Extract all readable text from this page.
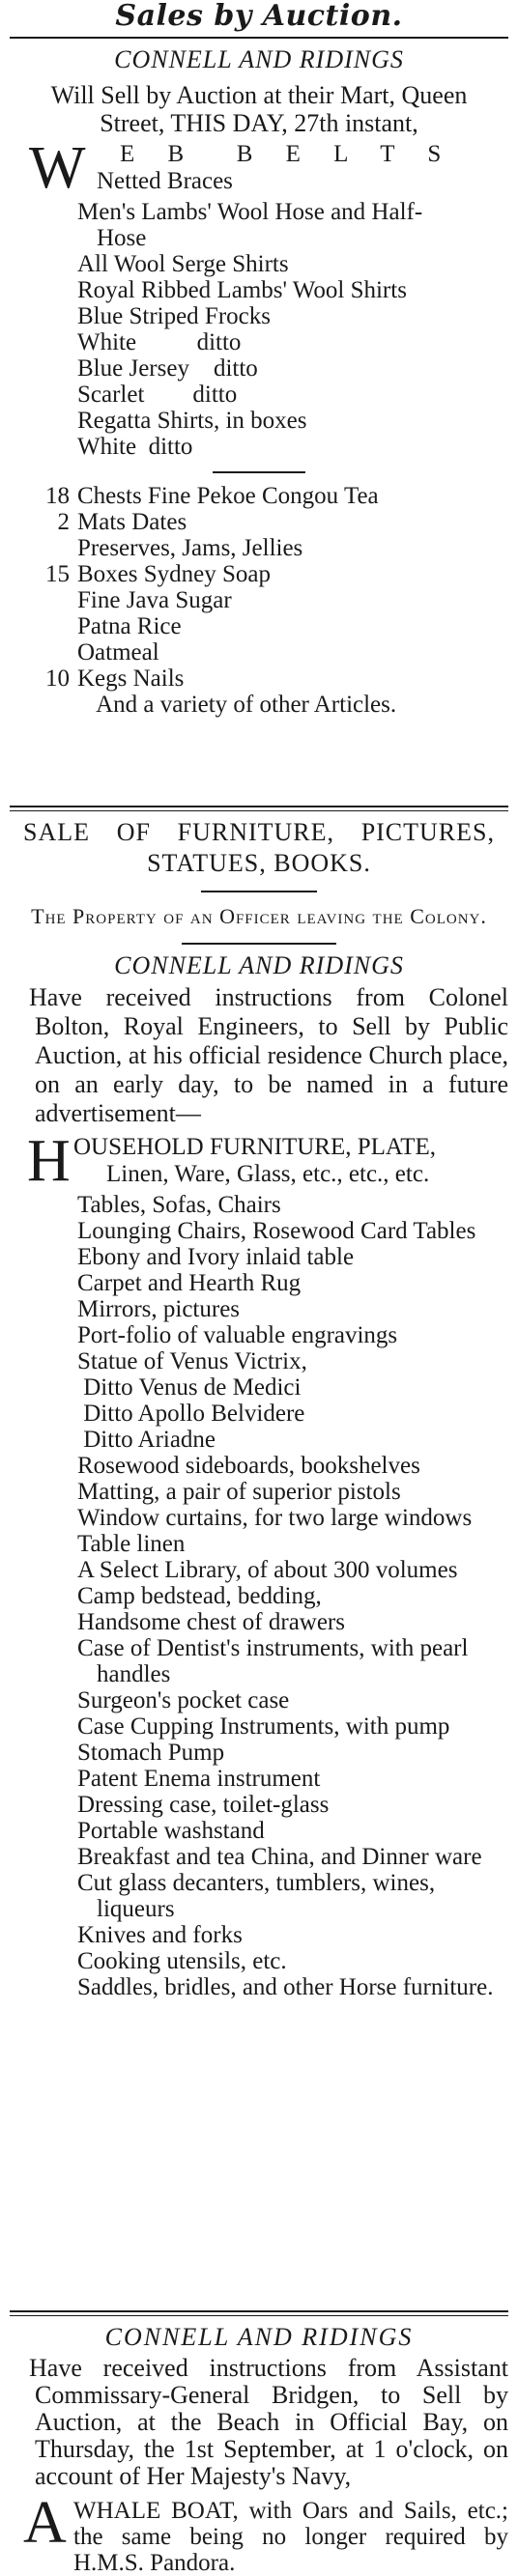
Sales by Auction.
CONNELL AND RIDINGS
Will Sell by Auction at their Mart, Queen Street, THIS DAY, 27th instant,
W E B  B E L T S
Netted Braces
Men's Lambs' Wool Hose and Half-
Hose
All Wool Serge Shirts
Royal Ribbed Lambs' Wool Shirts
Blue Striped Frocks
White          ditto
Blue Jersey    ditto
Scarlet        ditto
Regatta Shirts, in boxes
White  ditto
18 Chests Fine Pekoe Congou Tea
2 Mats Dates
Preserves, Jams, Jellies
15 Boxes Sydney Soap
Fine Java Sugar
Patna Rice
Oatmeal
10 Kegs Nails
And a variety of other Articles.
SALE OF FURNITURE, PICTURES, STATUES, BOOKS.
The Property of an Officer leaving the Colony.
CONNELL AND RIDINGS
Have received instructions from Colonel Bolton, Royal Engineers, to Sell by Public Auction, at his official residence Church place, on an early day, to be named in a future advertisement—
H OUSEHOLD FURNITURE, PLATE,
Linen, Ware, Glass, etc., etc., etc.
Tables, Sofas, Chairs
Lounging Chairs, Rosewood Card Tables
Ebony and Ivory inlaid table
Carpet and Hearth Rug
Mirrors, pictures
Port-folio of valuable engravings
Statue of Venus Victrix,
Ditto Venus de Medici
Ditto Apollo Belvidere
Ditto Ariadne
Rosewood sideboards, bookshelves
Matting, a pair of superior pistols
Window curtains, for two large windows
Table linen
A Select Library, of about 300 volumes
Camp bedstead, bedding,
Handsome chest of drawers
Case of Dentist's instruments, with pearl handles
Surgeon's pocket case
Case Cupping Instruments, with pump
Stomach Pump
Patent Enema instrument
Dressing case, toilet-glass
Portable washstand
Breakfast and tea China, and Dinner ware
Cut glass decanters, tumblers, wines, liqueurs
Knives and forks
Cooking utensils, etc.
Saddles, bridles, and other Horse furniture.
CONNELL AND RIDINGS
Have received instructions from Assistant Commissary-General Bridgen, to Sell by Auction, at the Beach in Official Bay, on Thursday, the 1st September, at 1 o'clock, on account of Her Majesty's Navy,
A WHALE BOAT, with Oars and Sails, etc.; the same being no longer required by H.M.S. Pandora.
